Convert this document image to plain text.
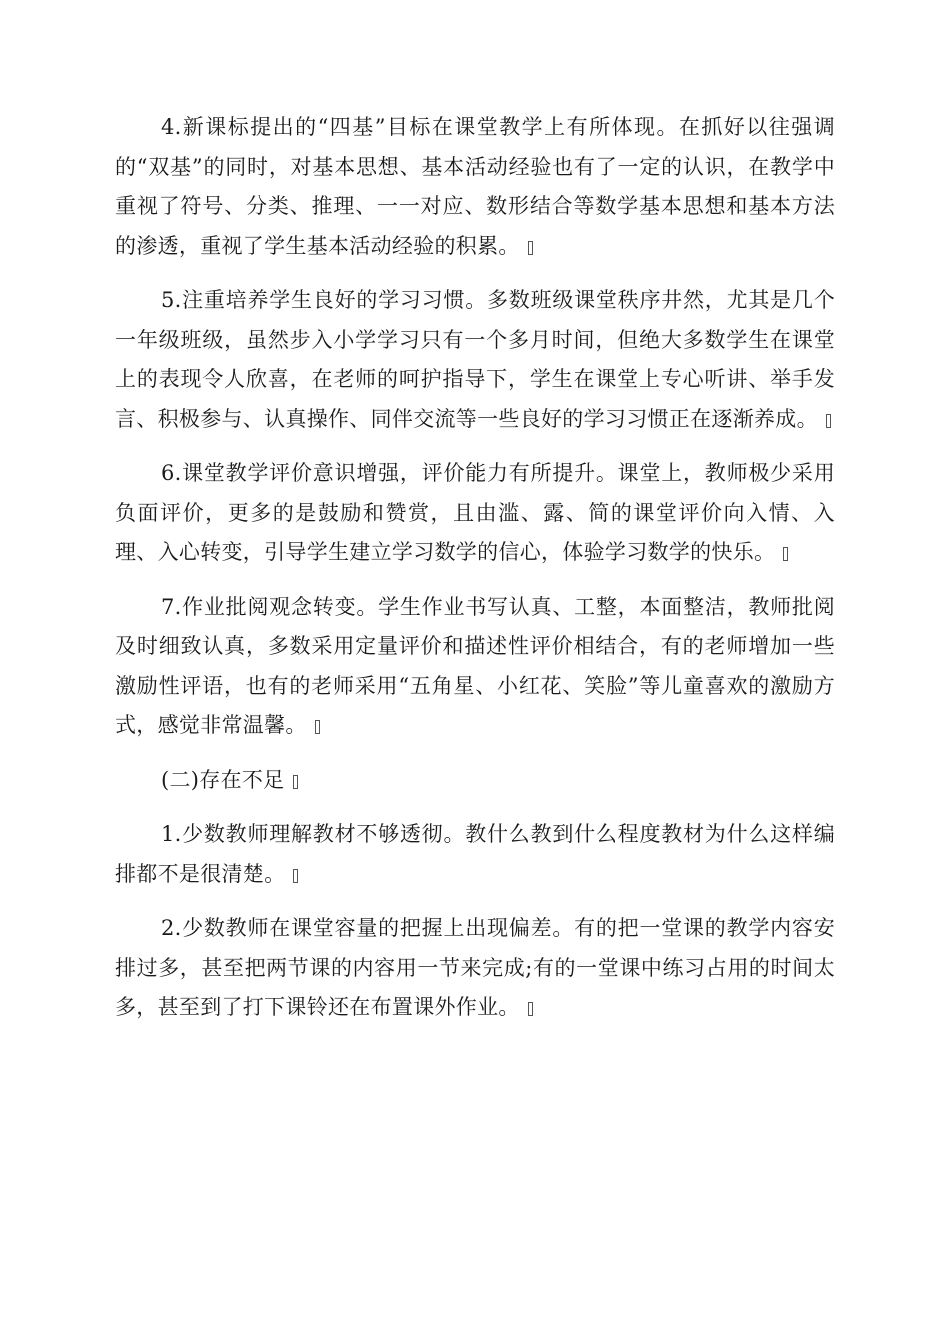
4.新课标提出的“四基”目标在课堂教学上有所体现。在抓好以往强调的“双基”的同时，对基本思想、基本活动经验也有了一定的认识，在教学中重视了符号、分类、推理、一一对应、数形结合等数学基本思想和基本方法的渗透，重视了学生基本活动经验的积累。

5.注重培养学生良好的学习习惯。多数班级课堂秩序井然，尤其是几个一年级班级，虽然步入小学学习只有一个多月时间，但绝大多数学生在课堂上的表现令人欣喜，在老师的呵护指导下，学生在课堂上专心听讲、举手发言、积极参与、认真操作、同伴交流等一些良好的学习习惯正在逐渐养成。

6.课堂教学评价意识增强，评价能力有所提升。课堂上，教师极少采用负面评价，更多的是鼓励和赞赏，且由滥、露、简的课堂评价向入情、入理、入心转变，引导学生建立学习数学的信心，体验学习数学的快乐。

7.作业批阅观念转变。学生作业书写认真、工整，本面整洁，教师批阅及时细致认真，多数采用定量评价和描述性评价相结合，有的老师增加一些激励性评语，也有的老师采用“五角星、小红花、笑脸”等儿童喜欢的激励方式，感觉非常温馨。

(二)存在不足

1.少数教师理解教材不够透彻。教什么教到什么程度教材为什么这样编排都不是很清楚。

2.少数教师在课堂容量的把握上出现偏差。有的把一堂课的教学内容安排过多，甚至把两节课的内容用一节来完成;有的一堂课中练习占用的时间太多，甚至到了打下课铃还在布置课外作业。
